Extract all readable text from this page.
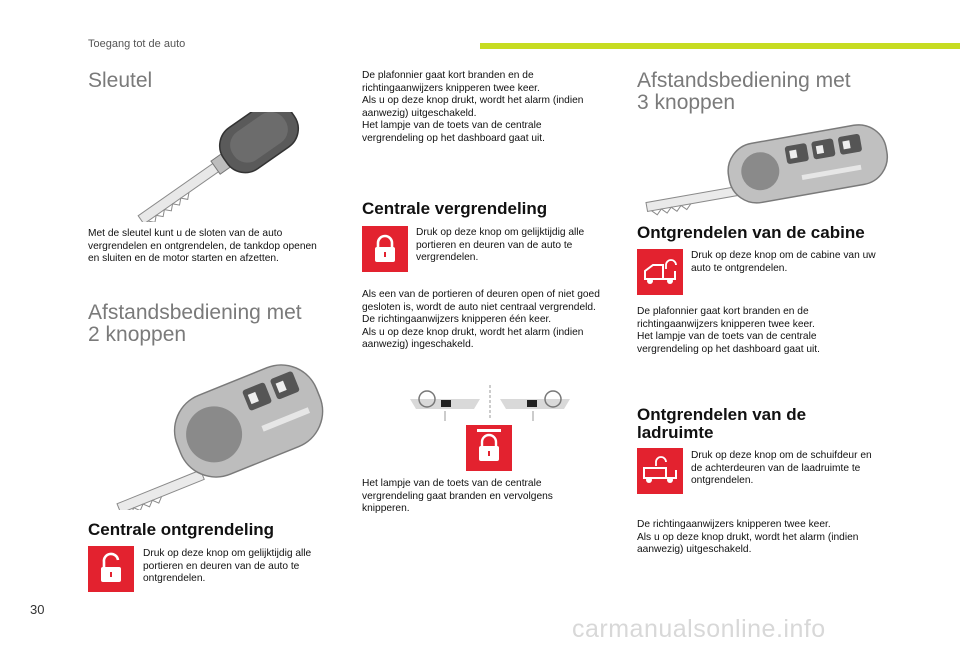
Toegang tot de auto
Sleutel

Met de sleutel kunt u de sloten van de auto
vergrendelen en ontgrendelen, de tankdop openen
en sluiten en de motor starten en afzetten.

Afstandsbediening met
2 knoppen
Centrale ontgrendeling

Druk op deze knop om gelijktijdig alle
portieren en deuren van de auto te
ontgrendelen.

De plafonnier gaat kort branden en de
richtingaanwijzers knipperen twee keer.
Als u op deze knop drukt, wordt het alarm (indien
aanwezig) uitgeschakeld.
Het lampje van de toets van de centrale
vergrendeling op het dashboard gaat uit.

Centrale vergrendeling

Druk op deze knop om gelijktijdig alle
portieren en deuren van de auto te
vergrendelen.

Als een van de portieren of deuren open of niet goed
gesloten is, wordt de auto niet centraal vergrendeld.
De richtingaanwijzers knipperen één keer.
Als u op deze knop drukt, wordt het alarm (indien
aanwezig) ingeschakeld.

Het lampje van de toets van de centrale
vergrendeling gaat branden en vervolgens
knipperen.

Afstandsbediening met
3 knoppen
Ontgrendelen van de cabine

Druk op deze knop om de cabine van uw
auto te ontgrendelen.

De plafonnier gaat kort branden en de
richtingaanwijzers knipperen twee keer.
Het lampje van de toets van de centrale
vergrendeling op het dashboard gaat uit.

Ontgrendelen van de
ladruimte

Druk op deze knop om de schuifdeur en
de achterdeuren van de laadruimte te
ontgrendelen.

De richtingaanwijzers knipperen twee keer.
Als u op deze knop drukt, wordt het alarm (indien
aanwezig) uitgeschakeld.

30
carmanualsonline.info
